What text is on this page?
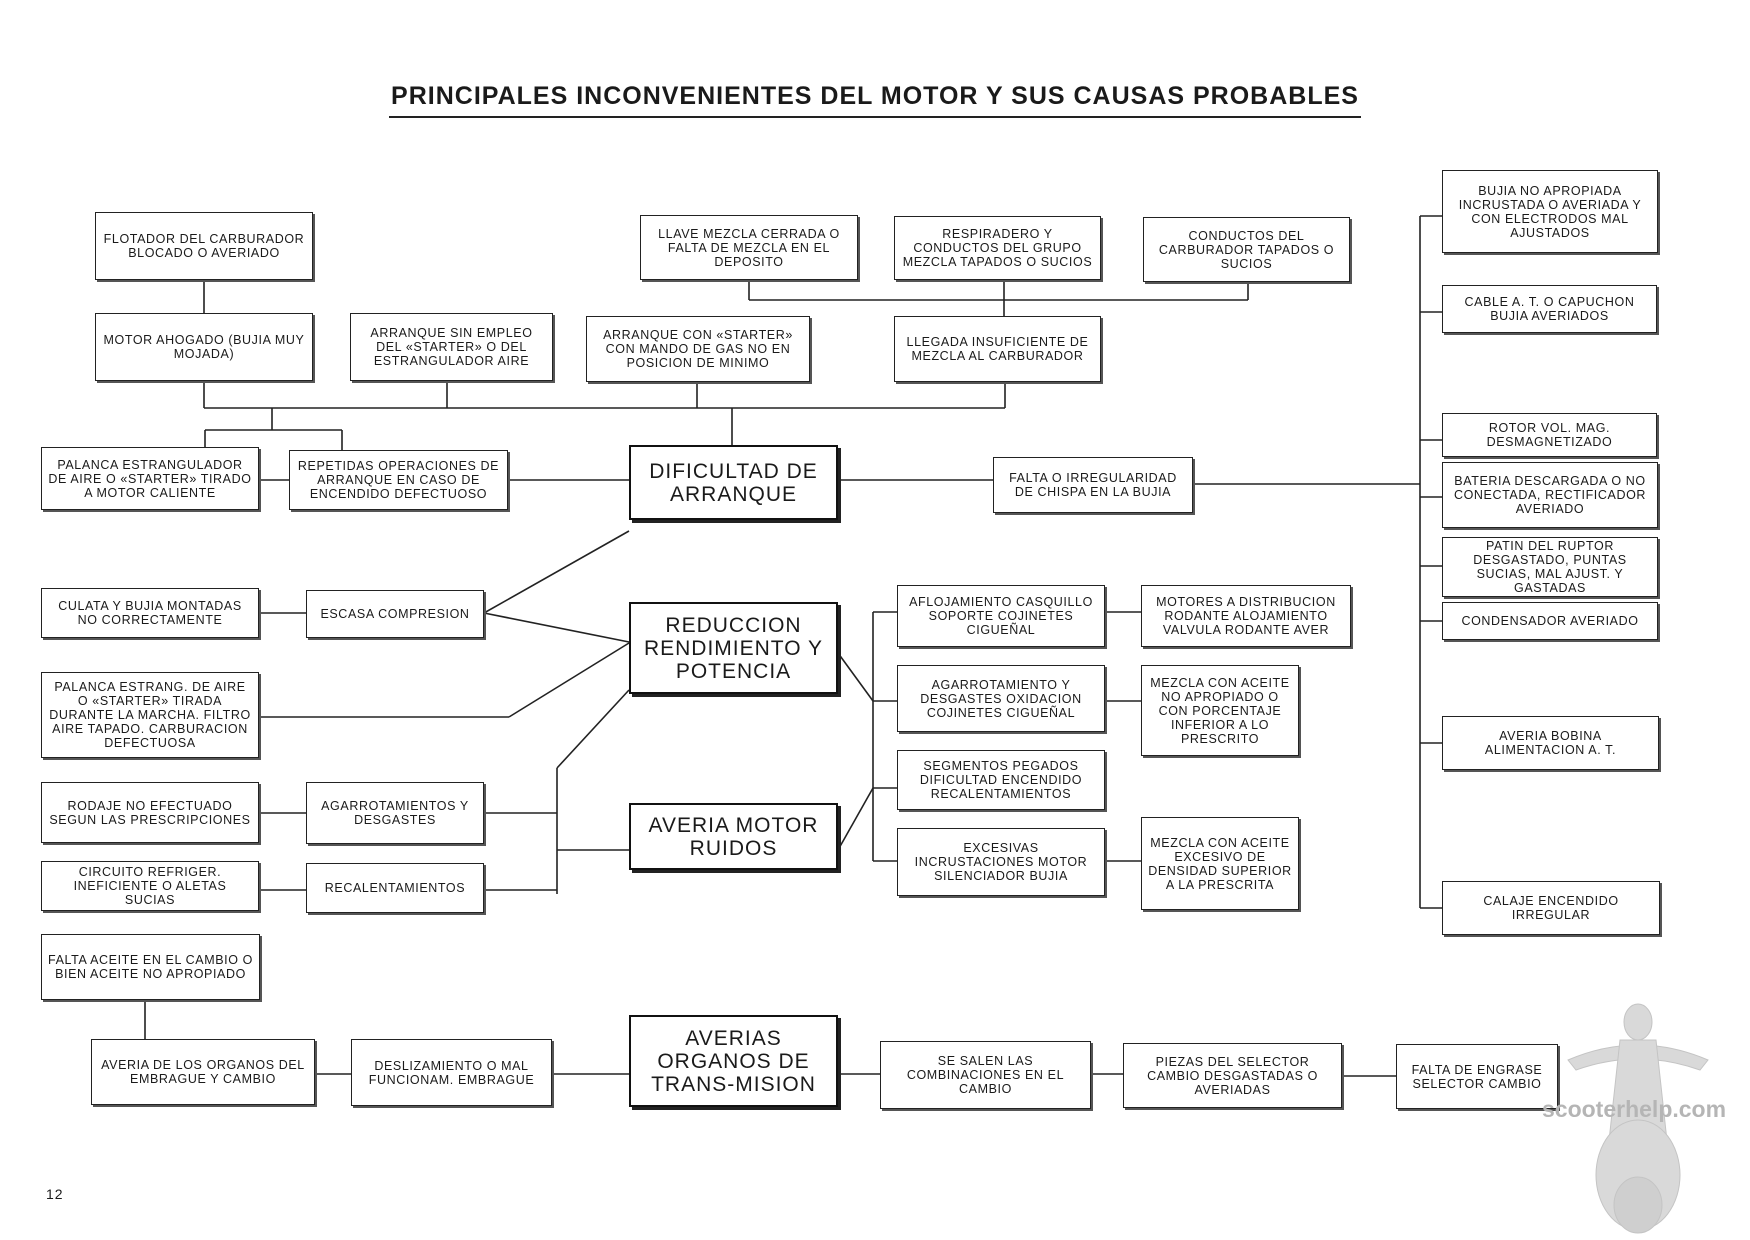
PRINCIPALES INCONVENIENTES DEL MOTOR Y SUS CAUSAS PROBABLES
DIFICULTAD DE ARRANQUE
REDUCCION RENDIMIENTO Y POTENCIA
AVERIA MOTOR RUIDOS
AVERIAS ORGANOS DE TRANS-MISION
FLOTADOR DEL CARBURADOR BLOCADO O AVERIADO
MOTOR AHOGADO (BUJIA MUY MOJADA)
ARRANQUE SIN EMPLEO DEL «STARTER» O DEL ESTRANGULADOR AIRE
ARRANQUE CON «STARTER» CON MANDO DE GAS NO EN POSICION DE MINIMO
LLAVE MEZCLA CERRADA O FALTA DE MEZCLA EN EL DEPOSITO
RESPIRADERO Y CONDUCTOS DEL GRUPO MEZCLA TAPADOS O SUCIOS
CONDUCTOS DEL CARBURADOR TAPADOS O SUCIOS
LLEGADA INSUFICIENTE DE MEZCLA AL CARBURADOR
PALANCA ESTRANGULADOR DE AIRE O «STARTER» TIRADO A MOTOR CALIENTE
REPETIDAS OPERACIONES DE ARRANQUE EN CASO DE ENCENDIDO DEFECTUOSO
FALTA O IRREGULARIDAD DE CHISPA EN LA BUJIA
BUJIA NO APROPIADA INCRUSTADA O AVERIADA Y CON ELECTRODOS MAL AJUSTADOS
CABLE A. T. O CAPUCHON BUJIA AVERIADOS
ROTOR VOL. MAG. DESMAGNETIZADO
BATERIA DESCARGADA O NO CONECTADA, RECTIFICADOR AVERIADO
PATIN DEL RUPTOR DESGASTADO, PUNTAS SUCIAS, MAL AJUST. Y GASTADAS
CONDENSADOR AVERIADO
AVERIA BOBINA ALIMENTACION A. T.
CALAJE ENCENDIDO IRREGULAR
CULATA Y BUJIA MONTADAS NO CORRECTAMENTE	ESCASA COMPRESION
PALANCA ESTRANG. DE AIRE O «STARTER» TIRADA DURANTE LA MARCHA. FILTRO AIRE TAPADO. CARBURACION DEFECTUOSA
RODAJE NO EFECTUADO SEGUN LAS PRESCRIPCIONES
AGARROTAMIENTOS Y DESGASTES
CIRCUITO REFRIGER. INEFICIENTE O ALETAS SUCIAS
RECALENTAMIENTOS
AFLOJAMIENTO CASQUILLO SOPORTE COJINETES CIGUEÑAL
MOTORES A DISTRIBUCION RODANTE ALOJAMIENTO VALVULA RODANTE AVER
AGARROTAMIENTO Y DESGASTES OXIDACION COJINETES CIGUEÑAL
MEZCLA CON ACEITE NO APROPIADO O CON PORCENTAJE INFERIOR A LO PRESCRITO
SEGMENTOS PEGADOS DIFICULTAD ENCENDIDO RECALENTAMIENTOS
EXCESIVAS INCRUSTACIONES MOTOR SILENCIADOR BUJIA
MEZCLA CON ACEITE EXCESIVO DE DENSIDAD SUPERIOR A LA PRESCRITA
FALTA ACEITE EN EL CAMBIO O BIEN ACEITE NO APROPIADO
AVERIA DE LOS ORGANOS DEL EMBRAGUE Y CAMBIO
DESLIZAMIENTO O MAL FUNCIONAM. EMBRAGUE
SE SALEN LAS COMBINACIONES EN EL CAMBIO
PIEZAS DEL SELECTOR CAMBIO DESGASTADAS O AVERIADAS
FALTA DE ENGRASE SELECTOR CAMBIO
12
scooterhelp.com
